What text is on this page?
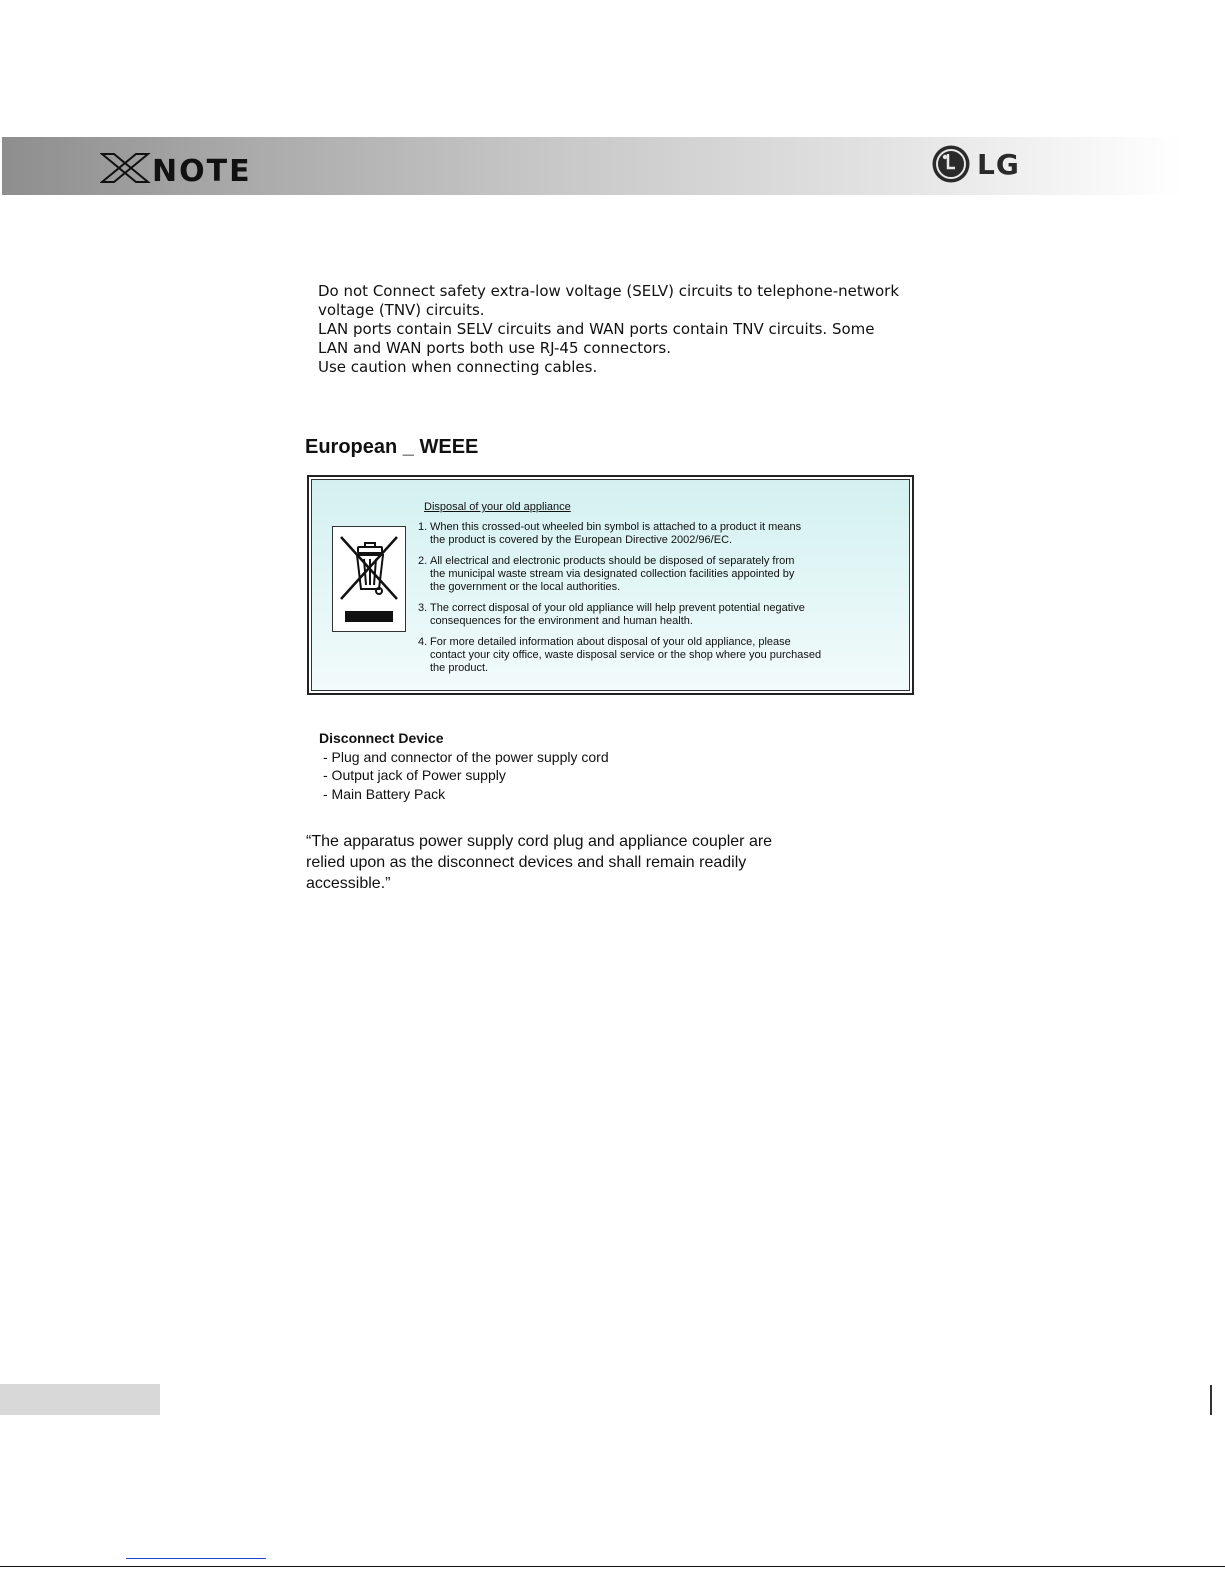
NOTE	LG
Do not Connect safety extra-low voltage (SELV) circuits to telephone-network
voltage (TNV) circuits.
LAN ports contain SELV circuits and WAN ports contain TNV circuits. Some
LAN and WAN ports both use RJ-45 connectors.
Use caution when connecting cables.
European _ WEEE
Disposal of your old appliance
1. When this crossed-out wheeled bin symbol is attached to a product it means
the product is covered by the European Directive 2002/96/EC.
2. All electrical and electronic products should be disposed of separately from
the municipal waste stream via designated collection facilities appointed by
the government or the local authorities.
3. The correct disposal of your old appliance will help prevent potential negative
consequences for the environment and human health.
4. For more detailed information about disposal of your old appliance, please
contact your city office, waste disposal service or the shop where you purchased
the product.
Disconnect Device
- Plug and connector of the power supply cord
- Output jack of Power supply
- Main Battery Pack
“The apparatus power supply cord plug and appliance coupler are
relied upon as the disconnect devices and shall remain readily
accessible.”
